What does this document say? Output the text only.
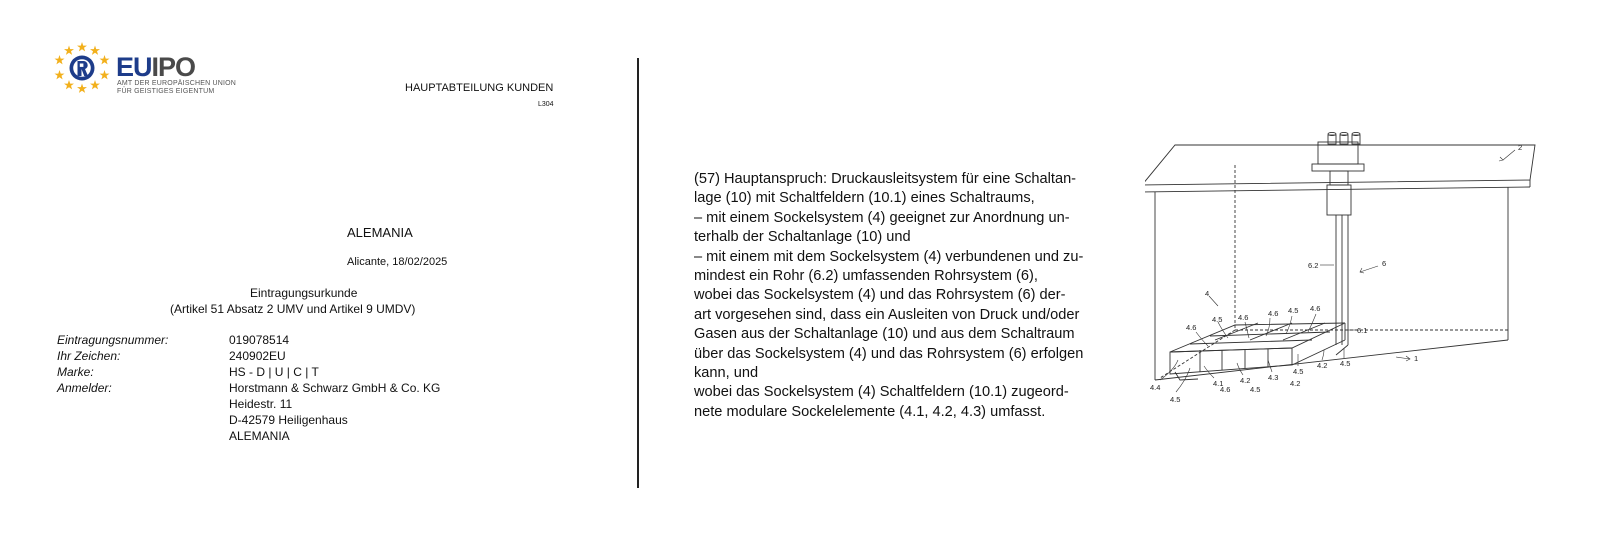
EUIPO
AMT DER EUROPÄISCHEN UNION
FÜR GEISTIGES EIGENTUM	HAUPTABTEILUNG KUNDEN
L304
ALEMANIA
Alicante, 18/02/2025
Eintragungsurkunde
(Artikel 51 Absatz 2 UMV und Artikel 9 UMDV)
Eintragungsnummer:	019078514
Ihr Zeichen:	240902EU
Marke:	HS - D | U | C | T
Anmelder:	Horstmann & Schwarz GmbH & Co. KG
Heidestr. 11
D-42579 Heiligenhaus
ALEMANIA

(57) Hauptanspruch: Druckausleitsystem für eine Schaltan-

lage (10) mit Schaltfeldern (10.1) eines Schaltraums,

– mit einem Sockelsystem (4) geeignet zur Anordnung un-

terhalb der Schaltanlage (10) und

– mit einem mit dem Sockelsystem (4) verbundenen und zu-

mindest ein Rohr (6.2) umfassenden Rohrsystem (6),

wobei das Sockelsystem (4) und das Rohrsystem (6) der-

art vorgesehen sind, dass ein Ausleiten von Druck und/oder

Gasen aus der Schaltanlage (10) und aus dem Schaltraum

über das Sockelsystem (4) und das Rohrsystem (6) erfolgen

kann, und

wobei das Sockelsystem (4) Schaltfeldern (10.1) zugeord-

nete modulare Sockelelemente (4.1, 4.2, 4.3) umfasst.

2
6
6.2
6.1
1
4
4.6
4.5 4.6	4.6 4.5 4.6
4.4
4.5
4.1 4.2 4.3
4.5
4.2 4.5
4.6	4.5
4.2
